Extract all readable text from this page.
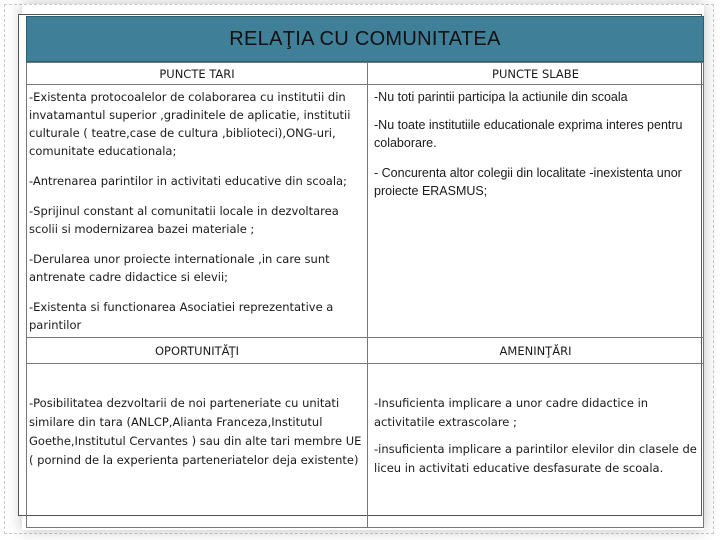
RELAŢIA CU COMUNITATEA
PUNCTE TARI	PUNCTE SLABE

-Existenta protocoalelor de colaborarea cu institutii din invatamantul superior ,gradinitele de aplicatie, institutii culturale ( teatre,case de cultura ,biblioteci),ONG-uri, comunitate educationala;

-Antrenarea parintilor in activitati educative din scoala;

-Sprijinul constant al comunitatii locale in dezvoltarea scolii si modernizarea bazei materiale ;

-Derularea unor proiecte internationale ,in care sunt antrenate cadre didactice si elevii;

-Existenta si functionarea Asociatiei reprezentative a parintilor

-Nu toti parintii participa la actiunile din scoala

-Nu toate institutiile educationale exprima interes pentru colaborare.

- Concurenta altor colegii din localitate -inexistenta unor proiecte ERASMUS;

OPORTUNITĂŢI	AMENINŢĂRI

-Posibilitatea dezvoltarii de noi parteneriate cu unitati similare din tara (ANLCP,Alianta Franceza,Institutul Goethe,Institutul Cervantes ) sau din alte tari membre UE ( pornind de la experienta parteneriatelor deja existente)

-Insuficienta implicare a unor cadre didactice in activitatile extrascolare ;

-insuficienta implicare a parintilor elevilor din clasele de liceu in activitati educative desfasurate de scoala.
